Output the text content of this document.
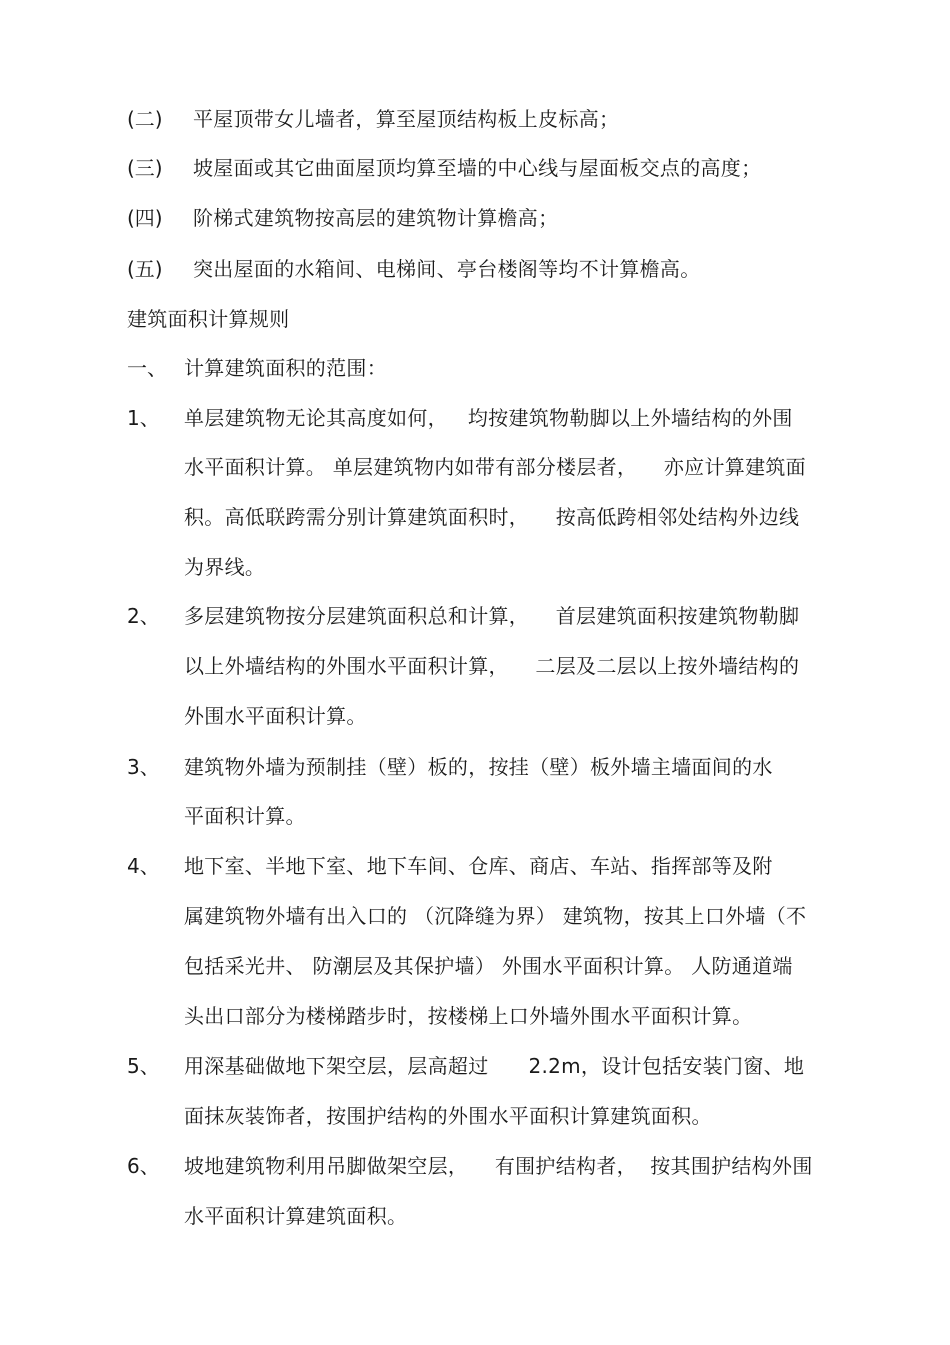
(二) 平屋顶带女儿墙者，算至屋顶结构板上皮标高；
(三) 坡屋面或其它曲面屋顶均算至墙的中心线与屋面板交点的高度；
(四) 阶梯式建筑物按高层的建筑物计算檐高；
(五) 突出屋面的水箱间、电梯间、亭台楼阁等均不计算檐高。
建筑面积计算规则
一、 计算建筑面积的范围：
1、 单层建筑物无论其高度如何，   均按建筑物勒脚以上外墙结构的外围
水平面积计算。 单层建筑物内如带有部分楼层者，    亦应计算建筑面
积。高低联跨需分别计算建筑面积时，    按高低跨相邻处结构外边线
为界线。
2、 多层建筑物按分层建筑面积总和计算，    首层建筑面积按建筑物勒脚
以上外墙结构的外围水平面积计算，    二层及二层以上按外墙结构的
外围水平面积计算。
3、 建筑物外墙为预制挂（壁）板的，按挂（壁）板外墙主墙面间的水
平面积计算。
4、 地下室、半地下室、地下车间、仓库、商店、车站、指挥部等及附
属建筑物外墙有出入口的 （沉降缝为界） 建筑物，按其上口外墙（不
包括采光井、 防潮层及其保护墙） 外围水平面积计算。 人防通道端
头出口部分为楼梯踏步时，按楼梯上口外墙外围水平面积计算。
5、 用深基础做地下架空层，层高超过      2.2m，设计包括安装门窗、地
面抹灰装饰者，按围护结构的外围水平面积计算建筑面积。
6、 坡地建筑物利用吊脚做架空层，    有围护结构者，  按其围护结构外围
水平面积计算建筑面积。
